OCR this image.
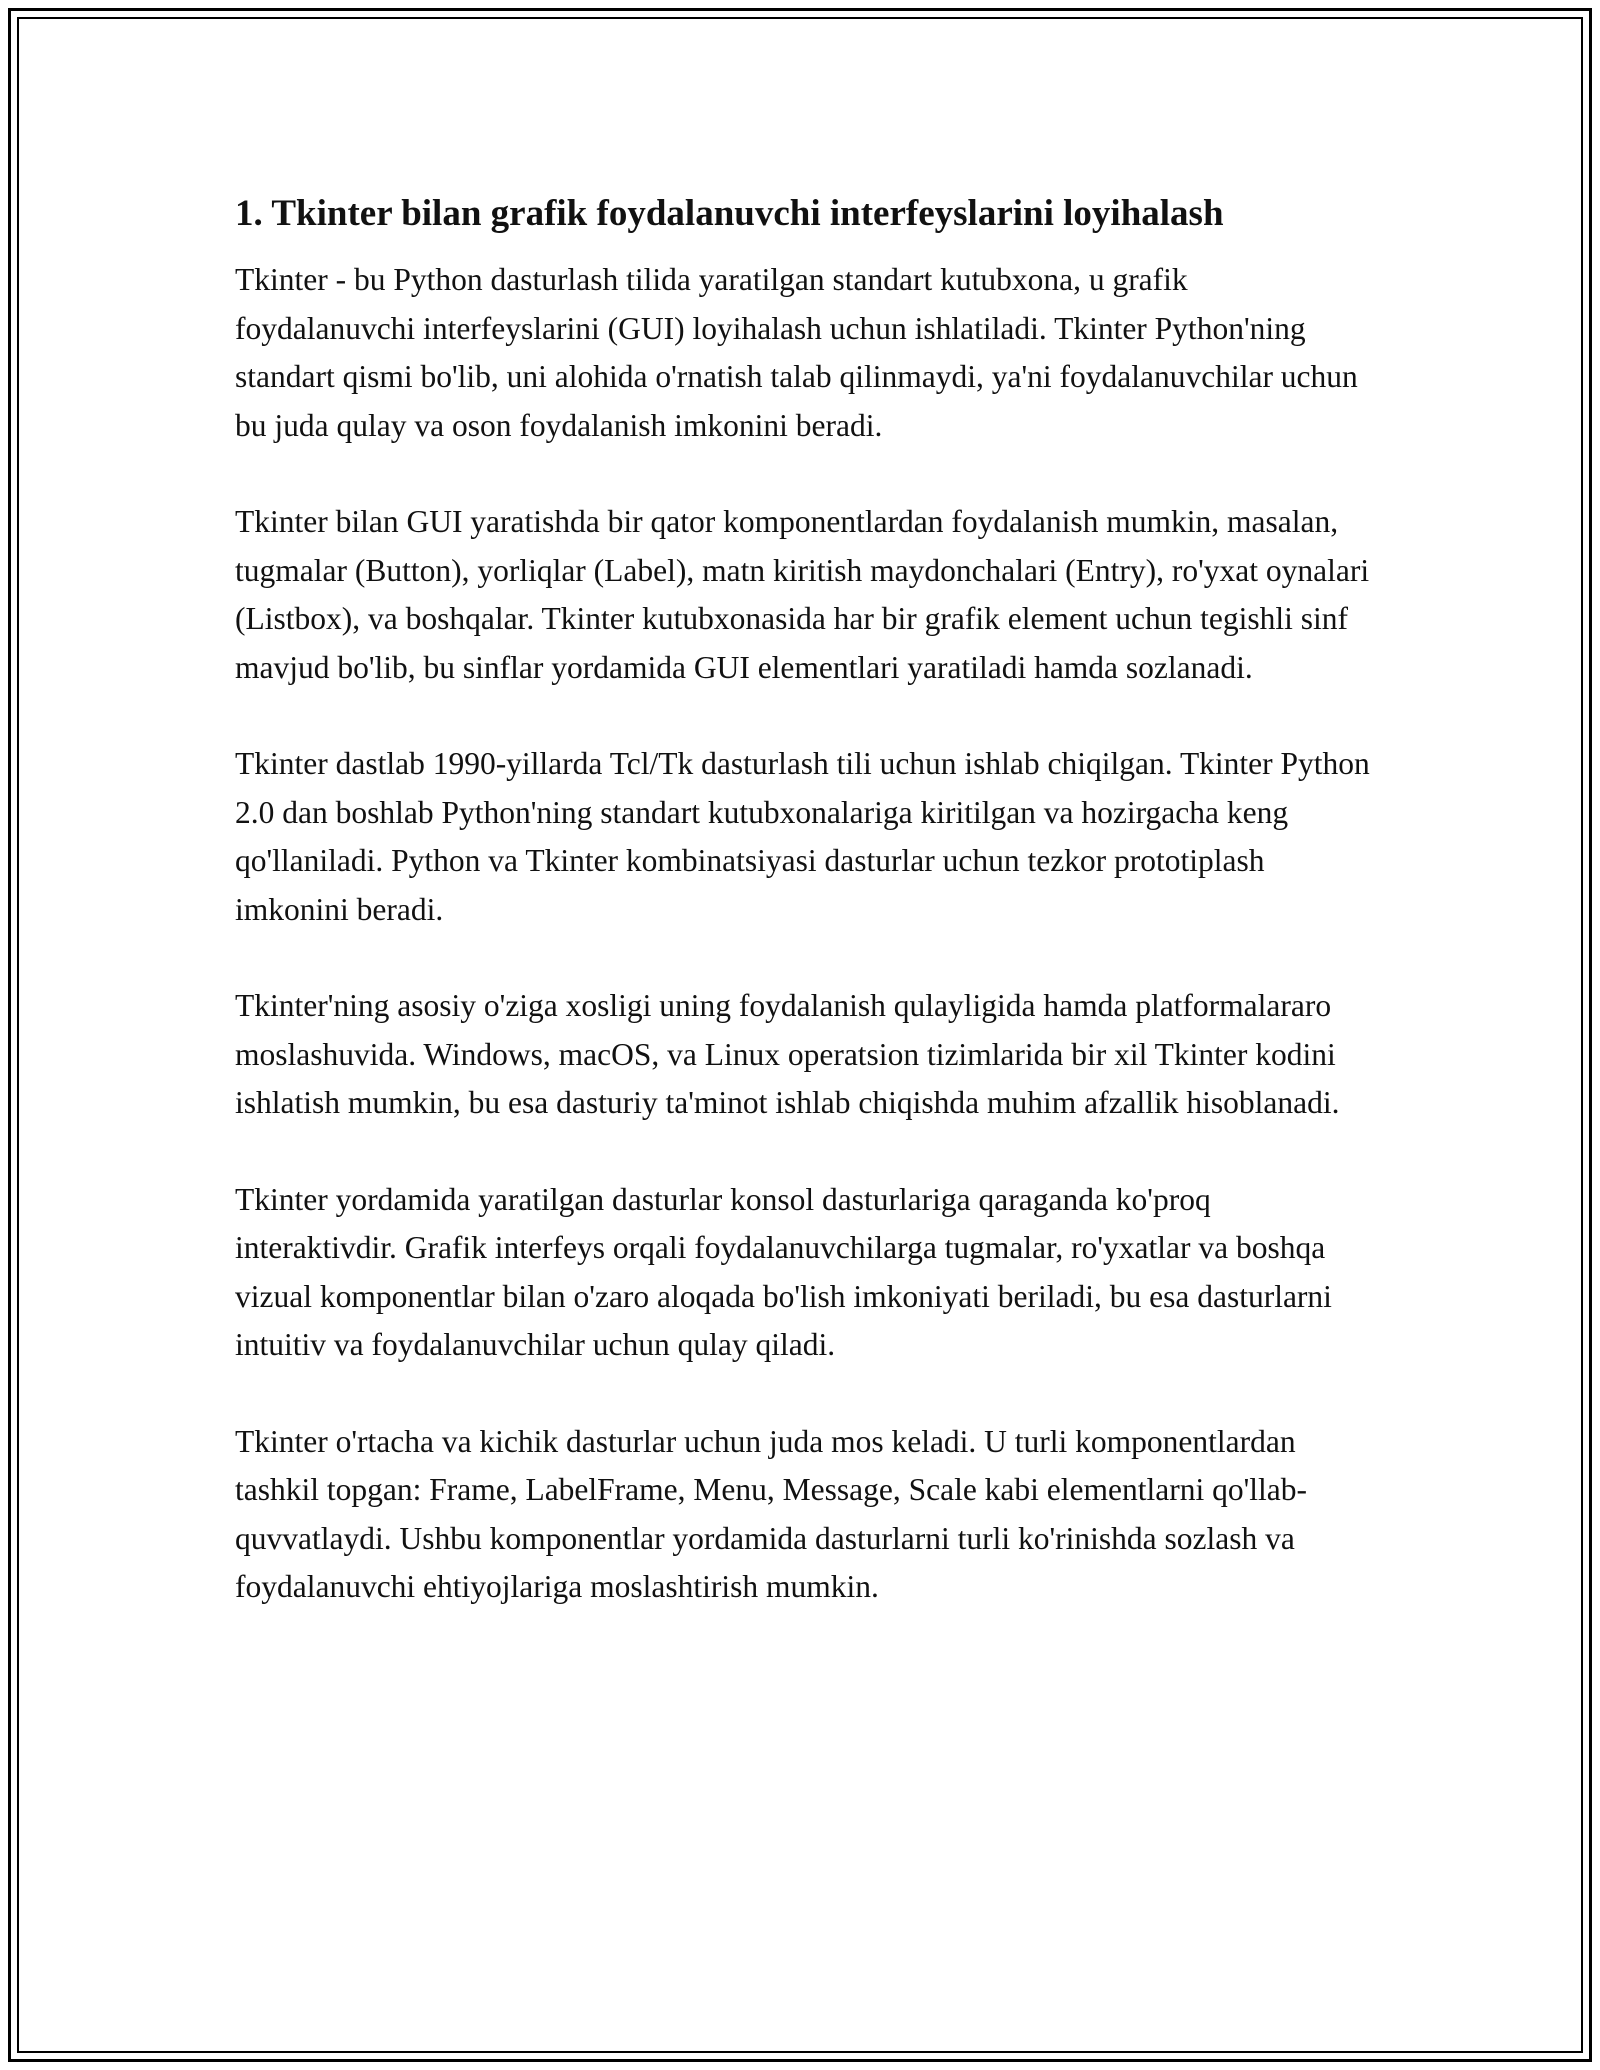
1. Tkinter bilan grafik foydalanuvchi interfeyslarini loyihalash

Tkinter - bu Python dasturlash tilida yaratilgan standart kutubxona, u grafik foydalanuvchi interfeyslarini (GUI) loyihalash uchun ishlatiladi. Tkinter Python'ning standart qismi bo'lib, uni alohida o'rnatish talab qilinmaydi, ya'ni foydalanuvchilar uchun bu juda qulay va oson foydalanish imkonini beradi.

Tkinter bilan GUI yaratishda bir qator komponentlardan foydalanish mumkin, masalan, tugmalar (Button), yorliqlar (Label), matn kiritish maydonchalari (Entry), ro'yxat oynalari (Listbox), va boshqalar. Tkinter kutubxonasida har bir grafik element uchun tegishli sinf mavjud bo'lib, bu sinflar yordamida GUI elementlari yaratiladi hamda sozlanadi.

Tkinter dastlab 1990-yillarda Tcl/Tk dasturlash tili uchun ishlab chiqilgan. Tkinter Python 2.0 dan boshlab Python'ning standart kutubxonalariga kiritilgan va hozirgacha keng qo'llaniladi. Python va Tkinter kombinatsiyasi dasturlar uchun tezkor prototiplash imkonini beradi.

Tkinter'ning asosiy o'ziga xosligi uning foydalanish qulayligida hamda platformalararo moslashuvida. Windows, macOS, va Linux operatsion tizimlarida bir xil Tkinter kodini ishlatish mumkin, bu esa dasturiy ta'minot ishlab chiqishda muhim afzallik hisoblanadi.

Tkinter yordamida yaratilgan dasturlar konsol dasturlariga qaraganda ko'proq interaktivdir. Grafik interfeys orqali foydalanuvchilarga tugmalar, ro'yxatlar va boshqa vizual komponentlar bilan o'zaro aloqada bo'lish imkoniyati beriladi, bu esa dasturlarni intuitiv va foydalanuvchilar uchun qulay qiladi.

Tkinter o'rtacha va kichik dasturlar uchun juda mos keladi. U turli komponentlardan tashkil topgan: Frame, LabelFrame, Menu, Message, Scale kabi elementlarni qo'llab-quvvatlaydi. Ushbu komponentlar yordamida dasturlarni turli ko'rinishda sozlash va foydalanuvchi ehtiyojlariga moslashtirish mumkin.
